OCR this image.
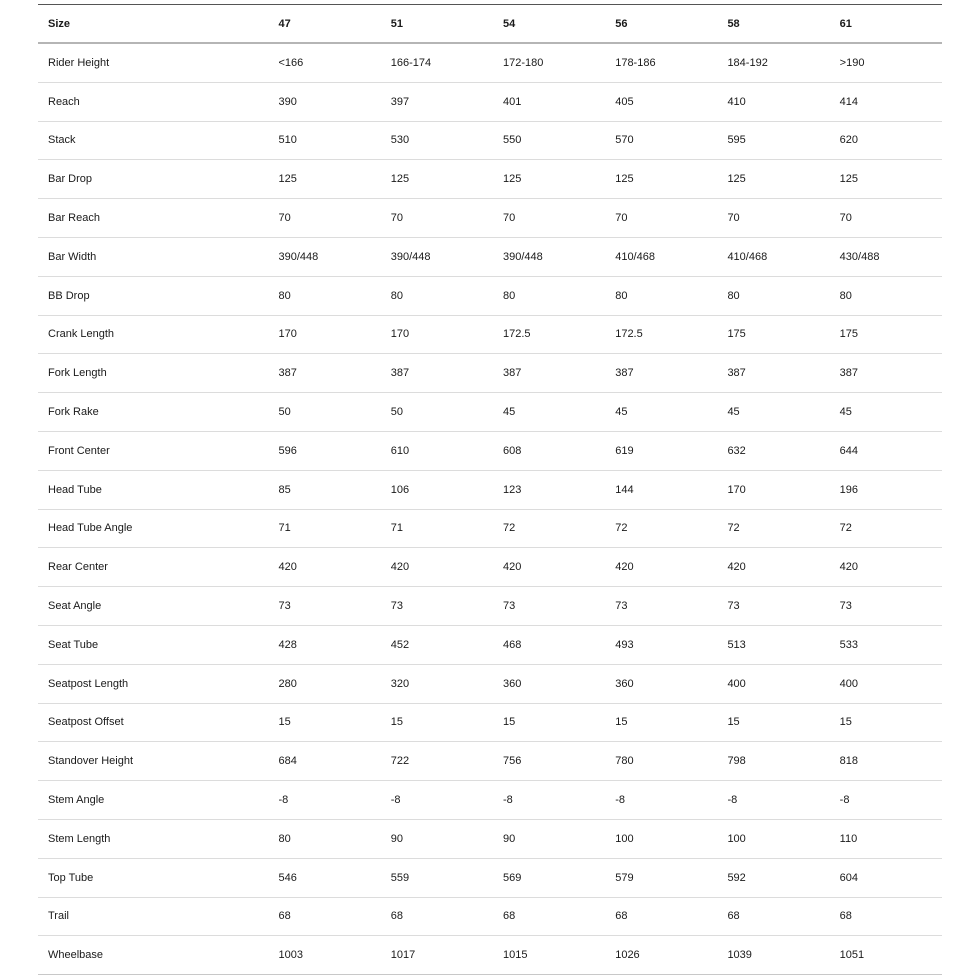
Size	47	51	54	56	58	61
Rider Height	<166	166-174	172-180	178-186	184-192	>190
Reach	390	397	401	405	410	414
Stack	510	530	550	570	595	620
Bar Drop	125	125	125	125	125	125
Bar Reach	70	70	70	70	70	70
Bar Width	390/448	390/448	390/448	410/468	410/468	430/488
BB Drop	80	80	80	80	80	80
Crank Length	170	170	172.5	172.5	175	175
Fork Length	387	387	387	387	387	387
Fork Rake	50	50	45	45	45	45
Front Center	596	610	608	619	632	644
Head Tube	85	106	123	144	170	196
Head Tube Angle	71	71	72	72	72	72
Rear Center	420	420	420	420	420	420
Seat Angle	73	73	73	73	73	73
Seat Tube	428	452	468	493	513	533
Seatpost Length	280	320	360	360	400	400
Seatpost Offset	15	15	15	15	15	15
Standover Height	684	722	756	780	798	818
Stem Angle	-8	-8	-8	-8	-8	-8
Stem Length	80	90	90	100	100	110
Top Tube	546	559	569	579	592	604
Trail	68	68	68	68	68	68
Wheelbase	1003	1017	1015	1026	1039	1051
